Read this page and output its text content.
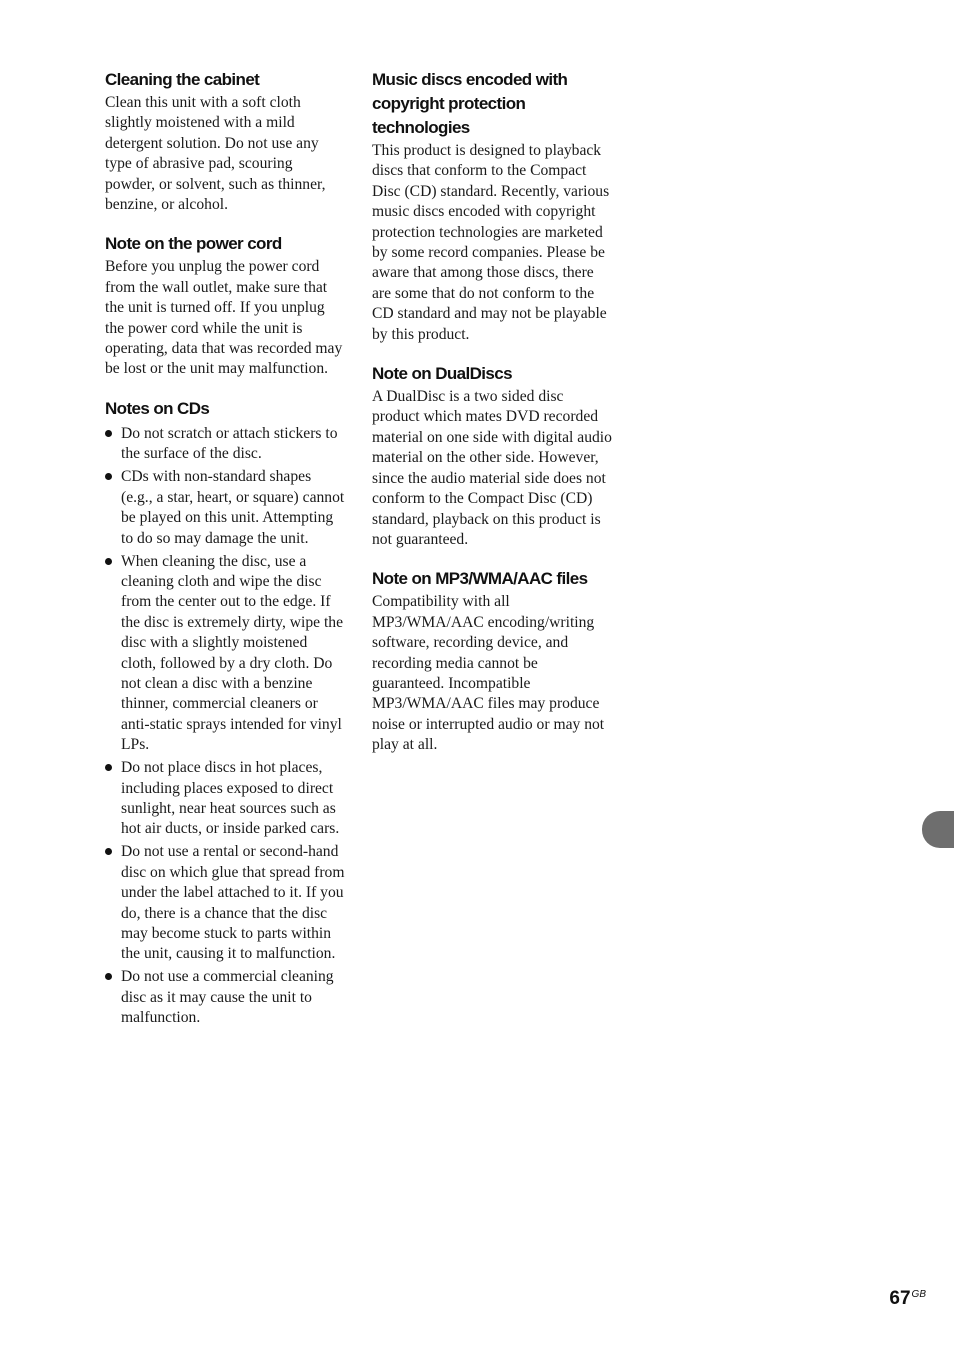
Cleaning the cabinet

Clean this unit with a soft cloth slightly moistened with a mild detergent solution. Do not use any type of abrasive pad, scouring powder, or solvent, such as thinner, benzine, or alcohol.

Note on the power cord

Before you unplug the power cord from the wall outlet, make sure that the unit is turned off. If you unplug the power cord while the unit is operating, data that was recorded may be lost or the unit may malfunction.

Notes on CDs
Do not scratch or attach stickers to the surface of the disc.
CDs with non-standard shapes (e.g., a star, heart, or square) cannot be played on this unit. Attempting to do so may damage the unit.
When cleaning the disc, use a cleaning cloth and wipe the disc from the center out to the edge. If the disc is extremely dirty, wipe the disc with a slightly moistened cloth, followed by a dry cloth. Do not clean a disc with a benzine thinner, commercial cleaners or anti-static sprays intended for vinyl LPs.
Do not place discs in hot places, including places exposed to direct sunlight, near heat sources such as hot air ducts, or inside parked cars.
Do not use a rental or second-hand disc on which glue that spread from under the label attached to it. If you do, there is a chance that the disc may become stuck to parts within the unit, causing it to malfunction.
Do not use a commercial cleaning disc as it may cause the unit to malfunction.
Music discs encoded with copyright protection technologies

This product is designed to playback discs that conform to the Compact Disc (CD) standard. Recently, various music discs encoded with copyright protection technologies are marketed by some record companies. Please be aware that among those discs, there are some that do not conform to the CD standard and may not be playable by this product.

Note on DualDiscs

A DualDisc is a two sided disc product which mates DVD recorded material on one side with digital audio material on the other side. However, since the audio material side does not conform to the Compact Disc (CD) standard, playback on this product is not guaranteed.

Note on MP3/WMA/AAC files

Compatibility with all MP3/WMA/AAC encoding/writing software, recording device, and recording media cannot be guaranteed. Incompatible MP3/WMA/AAC files may produce noise or interrupted audio or may not play at all.

$67^{GB}$
